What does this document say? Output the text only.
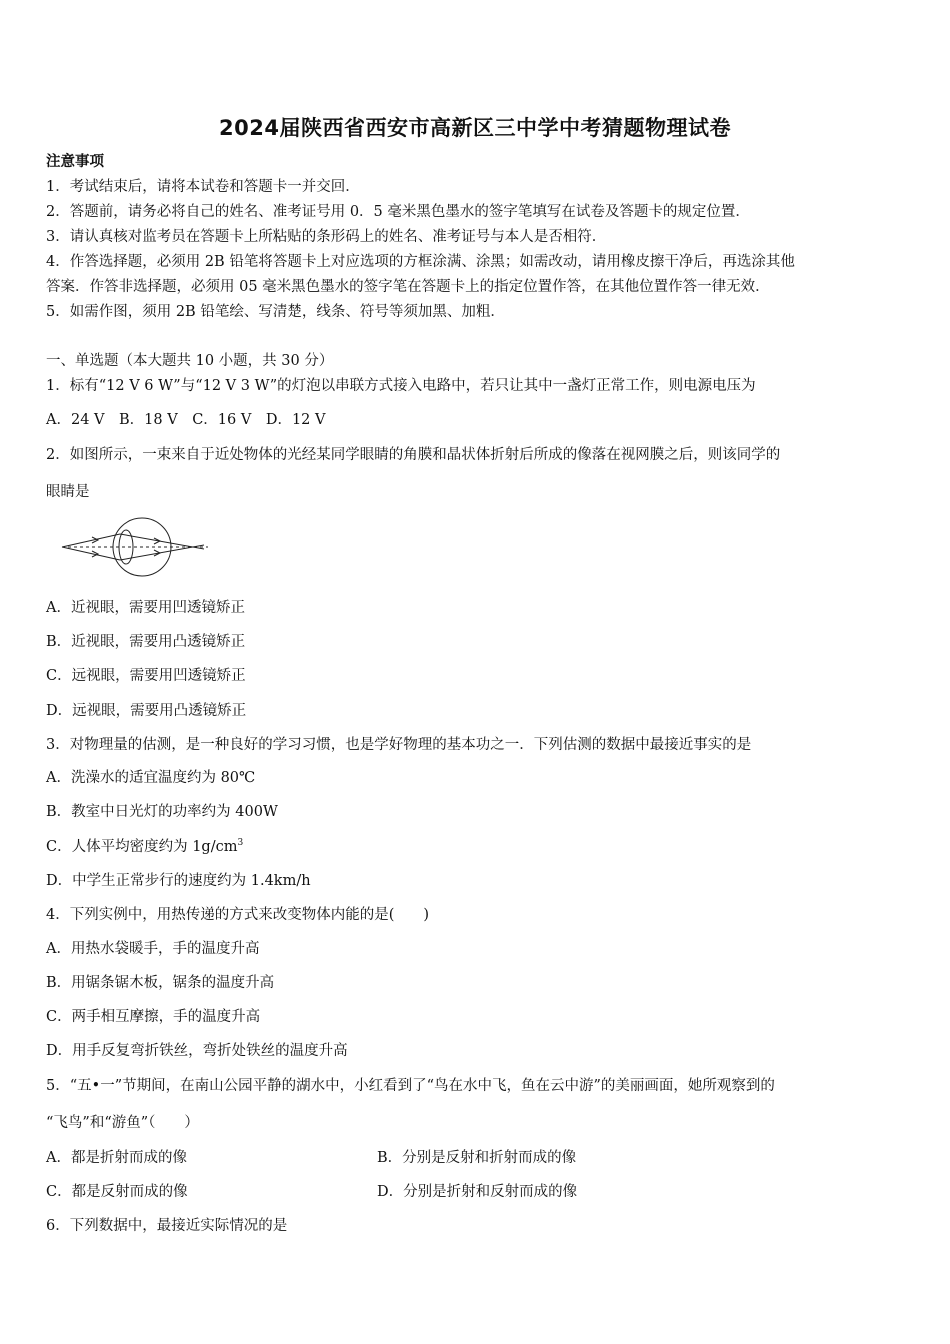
2024届陕西省西安市高新区三中学中考猜题物理试卷
注意事项
1．考试结束后，请将本试卷和答题卡一并交回．
2．答题前，请务必将自己的姓名、准考证号用 0．5 毫米黑色墨水的签字笔填写在试卷及答题卡的规定位置．
3．请认真核对监考员在答题卡上所粘贴的条形码上的姓名、准考证号与本人是否相符．
4．作答选择题，必须用 2B 铅笔将答题卡上对应选项的方框涂满、涂黑；如需改动，请用橡皮擦干净后，再选涂其他
答案．作答非选择题，必须用 05 毫米黑色墨水的签字笔在答题卡上的指定位置作答，在其他位置作答一律无效．
5．如需作图，须用 2B 铅笔绘、写清楚，线条、符号等须加黑、加粗．
一、单选题（本大题共 10 小题，共 30 分）
1．标有“12 V 6 W”与“12 V 3 W”的灯泡以串联方式接入电路中，若只让其中一盏灯正常工作，则电源电压为
A．24 V　B．18 V　C．16 V　D．12 V
2．如图所示，一束来自于近处物体的光经某同学眼睛的角膜和晶状体折射后所成的像落在视网膜之后，则该同学的
眼睛是
A．近视眼，需要用凹透镜矫正
B．近视眼，需要用凸透镜矫正
C．远视眼，需要用凹透镜矫正
D．远视眼，需要用凸透镜矫正
3．对物理量的估测，是一种良好的学习习惯，也是学好物理的基本功之一．下列估测的数据中最接近事实的是
A．洗澡水的适宜温度约为 80℃
B．教室中日光灯的功率约为 400W
C．人体平均密度约为 $1g/cm^3$
D．中学生正常步行的速度约为 1.4km/h
4．下列实例中，用热传递的方式来改变物体内能的是(　　)
A．用热水袋暖手，手的温度升高
B．用锯条锯木板，锯条的温度升高
C．两手相互摩擦，手的温度升高
D．用手反复弯折铁丝，弯折处铁丝的温度升高
5．“五•一”节期间，在南山公园平静的湖水中，小红看到了“鸟在水中飞，鱼在云中游”的美丽画面，她所观察到的
“飞鸟”和“游鱼”（　　）
A．都是折射而成的像	B．分别是反射和折射而成的像
C．都是反射而成的像	D．分别是折射和反射而成的像
6．下列数据中，最接近实际情况的是
